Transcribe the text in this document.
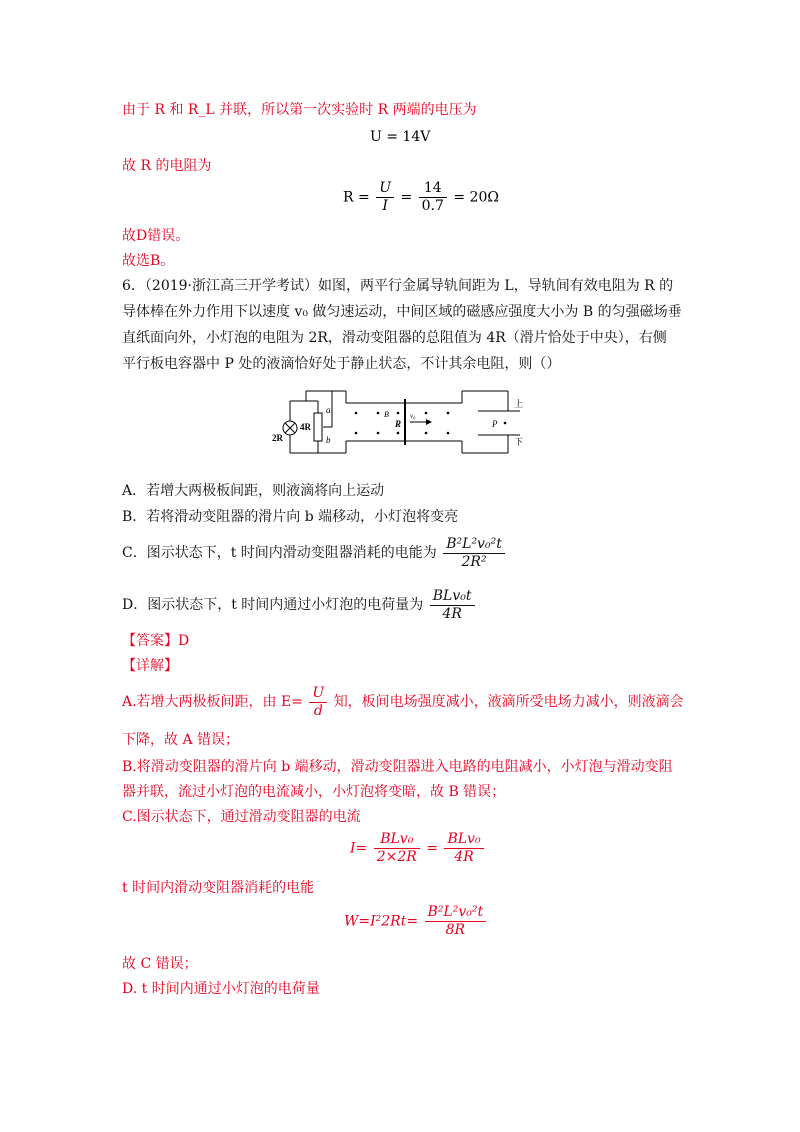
由于 R 和 R_L 并联，所以第一次实验时 R 两端的电压为
U = 14V
故 R 的电阻为
$R = \frac{U}{I} = \frac{14}{0.7} = 20\Omega$
故D错误。
故选B。
6．（2019·浙江高三开学考试）如图，两平行金属导轨间距为 L，导轨间有效电阻为 R 的
导体棒在外力作用下以速度 v₀ 做匀速运动，中间区域的磁感应强度大小为 B 的匀强磁场垂
直纸面向外，小灯泡的电阻为 2R，滑动变阻器的总阻值为 4R（滑片恰处于中央），右侧
平行板电容器中 P 处的液滴恰好处于静止状态，不计其余电阻，则（）
2R
4R
a
b
B
R
v₀
P
上
下
A．若增大两极板间距，则液滴将向上运动
B．若将滑动变阻器的滑片向 b 端移动，小灯泡将变亮
C．图示状态下，t 时间内滑动变阻器消耗的电能为 $\frac{\text{B²L²v₀²t}}{\text{2R²}}$
D．图示状态下，t 时间内通过小灯泡的电荷量为 $\frac{\text{BLv₀t}}{4R}$
【答案】D
【详解】
A.若增大两极板间距，由 $E= \frac{U}{d}$ 知，板间电场强度减小，液滴所受电场力减小，则液滴会
下降，故 A 错误；
B.将滑动变阻器的滑片向 b 端移动，滑动变阻器进入电路的电阻减小，小灯泡与滑动变阻
器并联，流过小灯泡的电流减小，小灯泡将变暗，故 B 错误；
C.图示状态下，通过滑动变阻器的电流
$I= \frac{\text{BLv₀}}{2\times 2R} = \frac{\text{BLv₀}}{4R}$
t 时间内滑动变阻器消耗的电能
$W=I^22Rt= \frac{\text{B²L²v₀²t}}{8R}$
故 C 错误；
D. t 时间内通过小灯泡的电荷量
